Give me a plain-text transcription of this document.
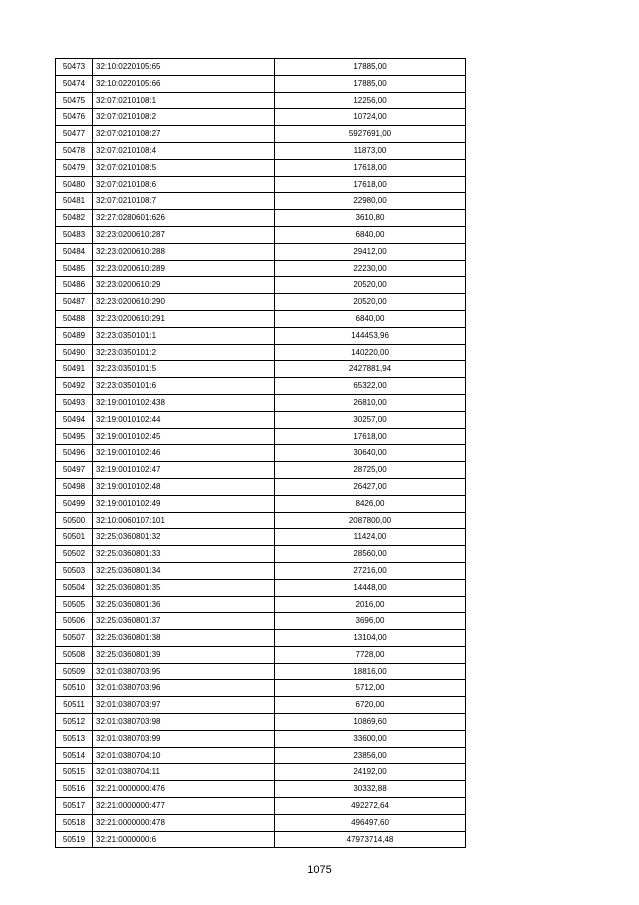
50473	32:10:0220105:65	17885,00
50474	32:10:0220105:66	17885,00
50475	32:07:0210108:1	12256,00
50476	32:07:0210108:2	10724,00
50477	32:07:0210108:27	5927691,00
50478	32:07:0210108:4	11873,00
50479	32:07:0210108:5	17618,00
50480	32:07:0210108:6	17618,00
50481	32:07:0210108:7	22980,00
50482	32:27:0280601:626	3610,80
50483	32:23:0200610:287	6840,00
50484	32:23:0200610:288	29412,00
50485	32:23:0200610:289	22230,00
50486	32:23:0200610:29	20520,00
50487	32:23:0200610:290	20520,00
50488	32:23:0200610:291	6840,00
50489	32:23:0350101:1	144453,96
50490	32:23:0350101:2	140220,00
50491	32:23:0350101:5	2427881,94
50492	32:23:0350101:6	65322,00
50493	32:19:0010102:438	26810,00
50494	32:19:0010102:44	30257,00
50495	32:19:0010102:45	17618,00
50496	32:19:0010102:46	30640,00
50497	32:19:0010102:47	28725,00
50498	32:19:0010102:48	26427,00
50499	32:19:0010102:49	8426,00
50500	32:10:0060107:101	2087800,00
50501	32:25:0360801:32	11424,00
50502	32:25:0360801:33	28560,00
50503	32:25:0360801:34	27216,00
50504	32:25:0360801:35	14448,00
50505	32:25:0360801:36	2016,00
50506	32:25:0360801:37	3696,00
50507	32:25:0360801:38	13104,00
50508	32:25:0360801:39	7728,00
50509	32:01:0380703:95	18816,00
50510	32:01:0380703:96	5712,00
50511	32:01:0380703:97	6720,00
50512	32:01:0380703:98	10869,60
50513	32:01:0380703:99	33600,00
50514	32:01:0380704:10	23856,00
50515	32:01:0380704:11	24192,00
50516	32:21:0000000:476	30332,88
50517	32:21:0000000:477	492272,64
50518	32:21:0000000:478	496497,60
50519	32:21:0000000:6	47973714,48
1075
